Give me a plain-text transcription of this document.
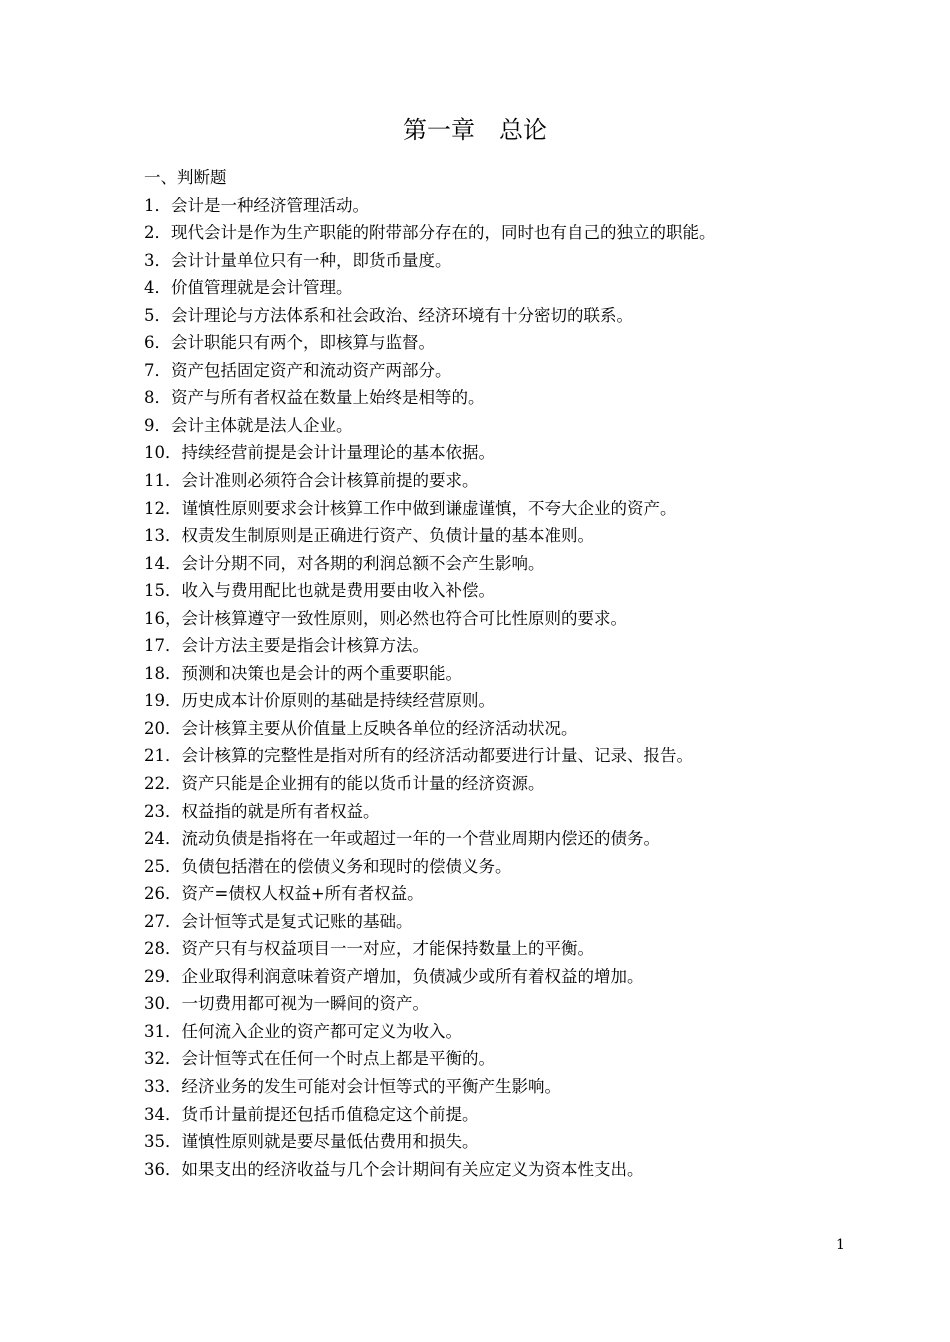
第一章　总论

一、判断题

1．会计是一种经济管理活动。
2．现代会计是作为生产职能的附带部分存在的，同时也有自己的独立的职能。
3．会计计量单位只有一种，即货币量度。
4．价值管理就是会计管理。
5．会计理论与方法体系和社会政治、经济环境有十分密切的联系。
6．会计职能只有两个，即核算与监督。
7．资产包括固定资产和流动资产两部分。
8．资产与所有者权益在数量上始终是相等的。
9．会计主体就是法人企业。
10．持续经营前提是会计计量理论的基本依据。
11．会计准则必须符合会计核算前提的要求。
12．谨慎性原则要求会计核算工作中做到谦虚谨慎，不夸大企业的资产。
13．权责发生制原则是正确进行资产、负债计量的基本准则。
14．会计分期不同，对各期的利润总额不会产生影响。
15．收入与费用配比也就是费用要由收入补偿。
16，会计核算遵守一致性原则，则必然也符合可比性原则的要求。
17．会计方法主要是指会计核算方法。
18．预测和决策也是会计的两个重要职能。
19．历史成本计价原则的基础是持续经营原则。
20．会计核算主要从价值量上反映各单位的经济活动状况。
21．会计核算的完整性是指对所有的经济活动都要进行计量、记录、报告。
22．资产只能是企业拥有的能以货币计量的经济资源。
23．权益指的就是所有者权益。
24．流动负债是指将在一年或超过一年的一个营业周期内偿还的债务。
25．负债包括潜在的偿债义务和现时的偿债义务。
26．资产=债权人权益+所有者权益。
27．会计恒等式是复式记账的基础。
28．资产只有与权益项目一一对应，才能保持数量上的平衡。
29．企业取得利润意味着资产增加，负债减少或所有着权益的增加。
30．一切费用都可视为一瞬间的资产。
31．任何流入企业的资产都可定义为收入。
32．会计恒等式在任何一个时点上都是平衡的。
33．经济业务的发生可能对会计恒等式的平衡产生影响。
34．货币计量前提还包括币值稳定这个前提。
35．谨慎性原则就是要尽量低估费用和损失。
36．如果支出的经济收益与几个会计期间有关应定义为资本性支出。
1
